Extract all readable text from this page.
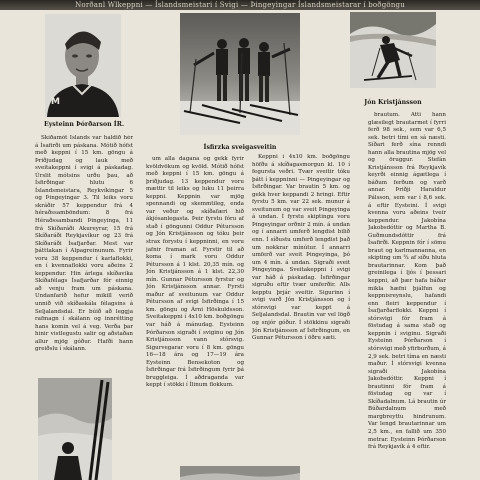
Norðanl Wlkeppni — Íslandsmeistari í Svigi — Þingeyingar Íslandsmeistarar í boðgöngu
M
Eysteinn Þórðarson ÍR.
Ísfirzka sveigasveitin
Jón Kristjánsson

Skíðamót Íslands var haldið hér á Ísafirði um páskana. Mótið hófst með keppni í 15 km. göngu á Þriðjudag og lauk með sveitakeppni í svigi á páskadag. Úrslit mótsins urðu þau, að Ísfirðingar hlutu 6 Íslandsmeistara, Reykvíkingar 5 og Þingeyingar 3. Til leiks voru skráðir 57 keppendur frá 4 héraðssamböndum: 8 frá Héraðssambandi Þingeyinga, 11 frá Skíðaráði Akureyrar, 15 frá Skíðaráði Reykjavíkur og 23 frá Skíðaráði Ísafjarðar. Mest var þátttakan í Alpagreinunum. Fyrir voru 38 keppendur í karlaflokki, en í kvennaflokki voru aðeins 2 keppendur. Hin árlega skíðavika Skíðafélags Ísafjarðar fór einnig að venju fram um páskana. Undanfarið hefur mikill verið unnið við skíðaskála félagsins á Seljalandsdal. Er búið að leggja rafmagn í skálann og innrétting hans komin vel á veg. Verða þar hinir vistlegustu salir og aðstaðan allur mjög góður. Hafði hann greiðslu í skálann.

um alla dagana og gekk fyrir kvöldvökum og kvöld. Mótið hófst með keppni í 15 km. göngu á þriðjudag. 13 keppendur voru mættir til leiks og luku 11 þeirra keppni. Keppnin var mjög spennandi og skemmtileg, enda var veður og skíðafæri hið ákjósanlegasta. Þeir fyrstu fóru af stað í göngunni Oddur Pétursson og Jón Kristjánsson og tóku þeir strax forystu í keppninni, en voru jafnir framan af. Fyrstir til að koma í mark voru Oddur Pétursson á 1 klst. 20,35 mín. og Jón Kristjánsson á 1 klst. 22,30 mín. Gunnar Pétursson fyrstur og Jón Kristjánsson annar. Fyrsti maður af sveitunum var Oddur Pétursson af svigi Ísfirðinga í 15 km. göngu og Árni Höskuldsson. Sveitakeppni í 4x10 km. boðgöngu var háð á mánudag. Eysteinn Þórðarson sigraði í sviginu og Jón Kristjánsson vann stórsvig. Sigurvegarar voru í 8 km. göngu 16—18 ára og 17—19 ára Eysteinn Bensekoton og Ísfirðingar frá Ísfirðingum fyrir þá bruggleiga. Í aðdraganda var keppt í stökki í Ílinum flokkum.

Keppni í 4x10 km. boðgöngu höfðu á skíðagasmorgun kl. 10 í fegursta veðri. Tvær sveitir tóku þátt í keppninni — Þingeyingar og Ísfirðingar. Var brautin 5 km. og gekk hver keppandi 2 hringi. Eftir fyrstu 5 km. var 22 sek. munur á sveitunum og var sveit Þingeyinga á undan. Í fyrstu skiptingu voru Þingeyingar orðnir 2 mín. á undan og í annarri umferð lengdist bilið enn. Í síðustu umferð lengdist það um nokkrar mínútur. Í annarri umferð var sveit Þingeyinga, þó um 4 mín. á undan. Sigraði sveit Þingeyinga. Sveitakeppni í svigi var háð á páskadag. Ísfirðingar sigruðu eftir tvær umferðir. Alls kepptu þrjár sveitir. Sigurinn í svigi varð Jón Kristjánsson og í stórsvigi var keppt á Seljalandsdal. Brautin var vel lögð og snjór góður. Í stökkinu sigraði Jón Kristjánsson af Ísfirðingum, en Gunnar Pétursson í öðru sæti.

brautum. Átti hann glæsilegt brautarmet í fyrri ferð 98 sek., sem var 6,5 sek. betri tími en sá næsti. Síðari ferð sína renndi hann alla brautina mjög vel og öruggur. Stefán Kristjánsson frá Reykjavík keyrði einnig ágætlega í báðum ferðum og varð annar. Þriðji Haraldur Pálsson, sem var í 8,6 sek. á eftir Eysteini. Í svigi kvenna voru aðeins tveir keppendur. Jakobína Jakobsdóttir og Martha B. Guðmundsdóttir frá Ísafirði. Keppnin fór í sömu braut og karlmannanna, en skipting um ¾ af síðu hluta brautarinnar. Kom það greinilega í ljós í þessari keppni, að þær hafa báðar mikla hæfni þjálfun og keppnisreynslu, hafandi enn fleiri keppendur í Ísafjarðarflokki. Keppni í stórsvigi fór fram á föstudag á sama stað og keppnin í sviginu. Sigraði Eysteinn Þórðarson í stórsvigi með yfirburðum, á 2,9 sek. betri tíma en næsti maður. Í stórsvigi kvenna sigraði Jakobína Jakobsdóttir. Keppni í brautinni fór fram á föstudag og var í Skíðadalnum. Lá brautin úr Búðardalnum með margbreyttu hindrunum. Var lengd brautarinnar um 2,5 km., en fallið um 350 metrar. Eysteinn Þórðarson frá Reykjavík á 4 eftir.
